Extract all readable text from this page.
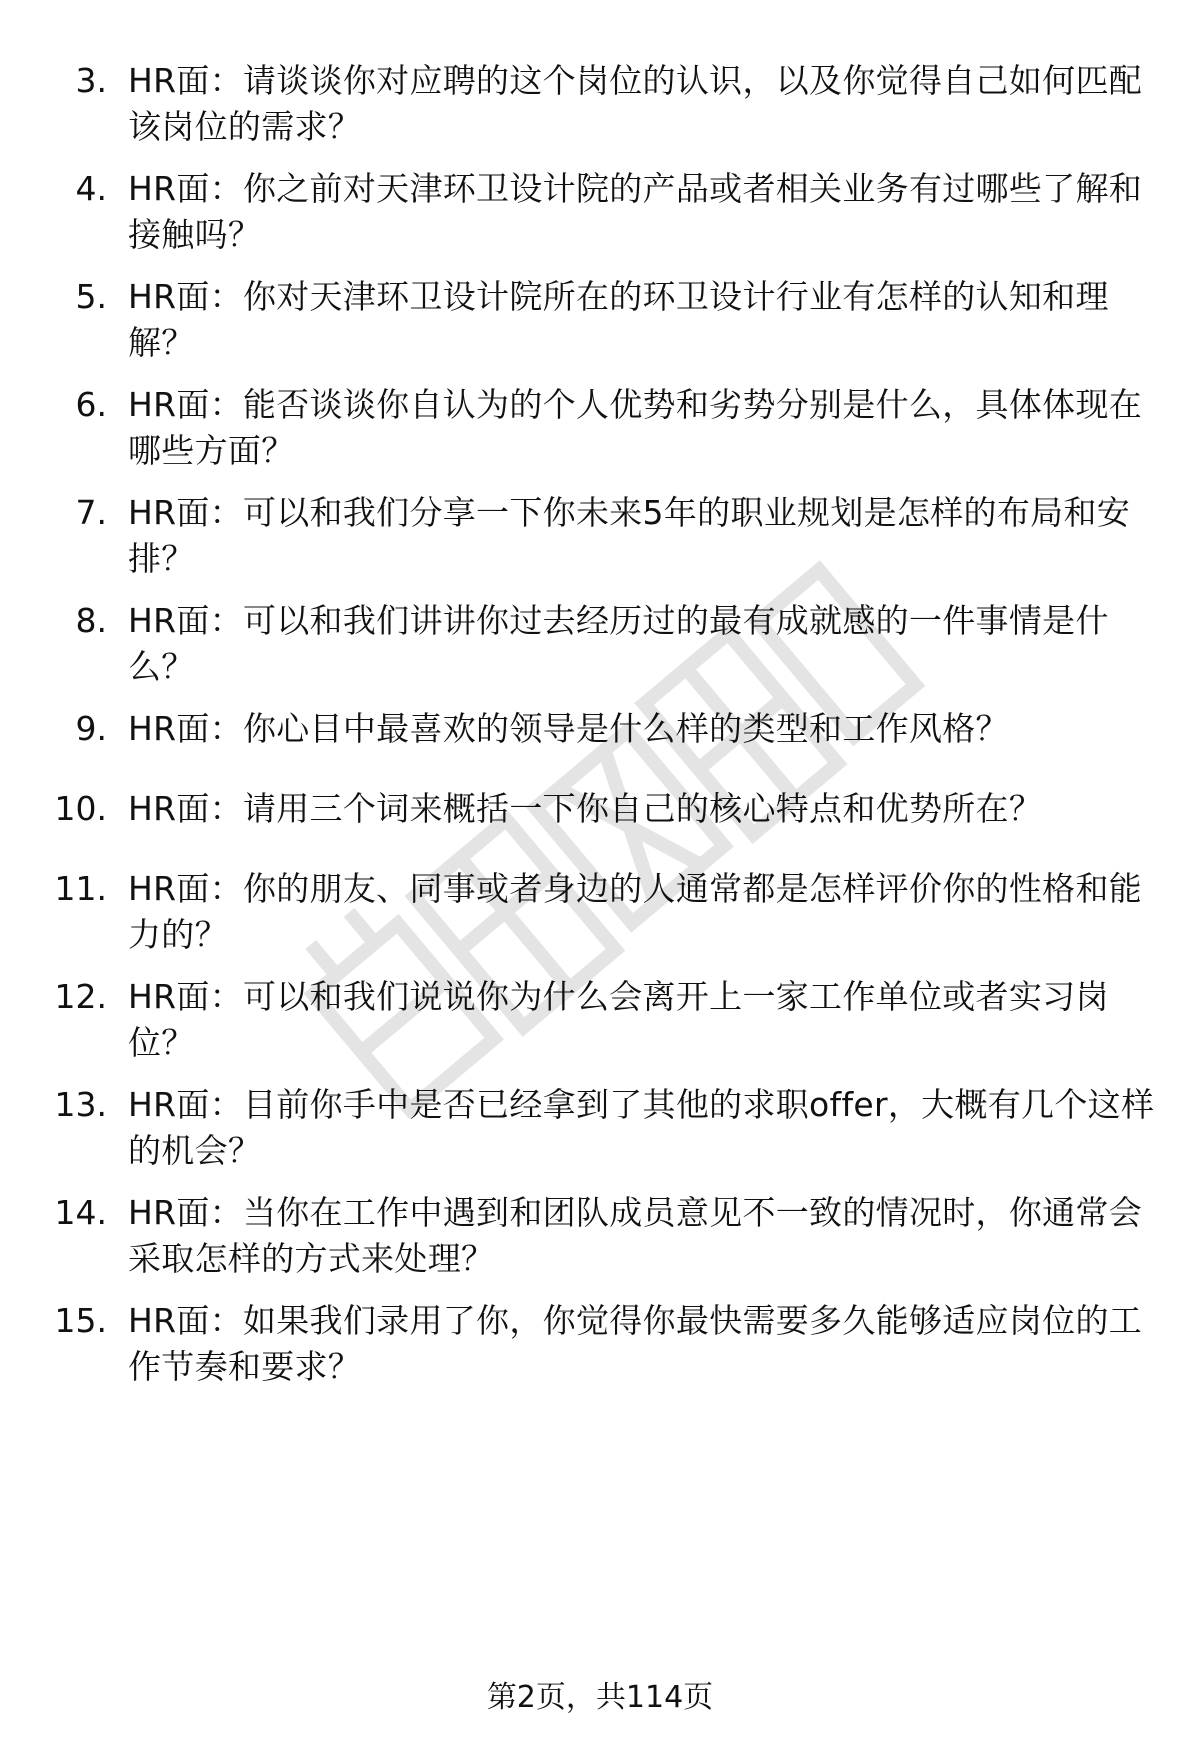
3. HR面：请谈谈你对应聘的这个岗位的认识，以及你觉得自己如何匹配该岗位的需求？
4. HR面：你之前对天津环卫设计院的产品或者相关业务有过哪些了解和接触吗？
5. HR面：你对天津环卫设计院所在的环卫设计行业有怎样的认知和理解？
6. HR面：能否谈谈你自认为的个人优势和劣势分别是什么，具体体现在哪些方面？
7. HR面：可以和我们分享一下你未来5年的职业规划是怎样的布局和安排？
8. HR面：可以和我们讲讲你过去经历过的最有成就感的一件事情是什么？
9. HR面：你心目中最喜欢的领导是什么样的类型和工作风格？
10. HR面：请用三个词来概括一下你自己的核心特点和优势所在？
11. HR面：你的朋友、同事或者身边的人通常都是怎样评价你的性格和能力的？
12. HR面：可以和我们说说你为什么会离开上一家工作单位或者实习岗位？
13. HR面：目前你手中是否已经拿到了其他的求职offer，大概有几个这样的机会？
14. HR面：当你在工作中遇到和团队成员意见不一致的情况时，你通常会采取怎样的方式来处理？
15. HR面：如果我们录用了你，你觉得你最快需要多久能够适应岗位的工作节奏和要求？
第2页，共114页
